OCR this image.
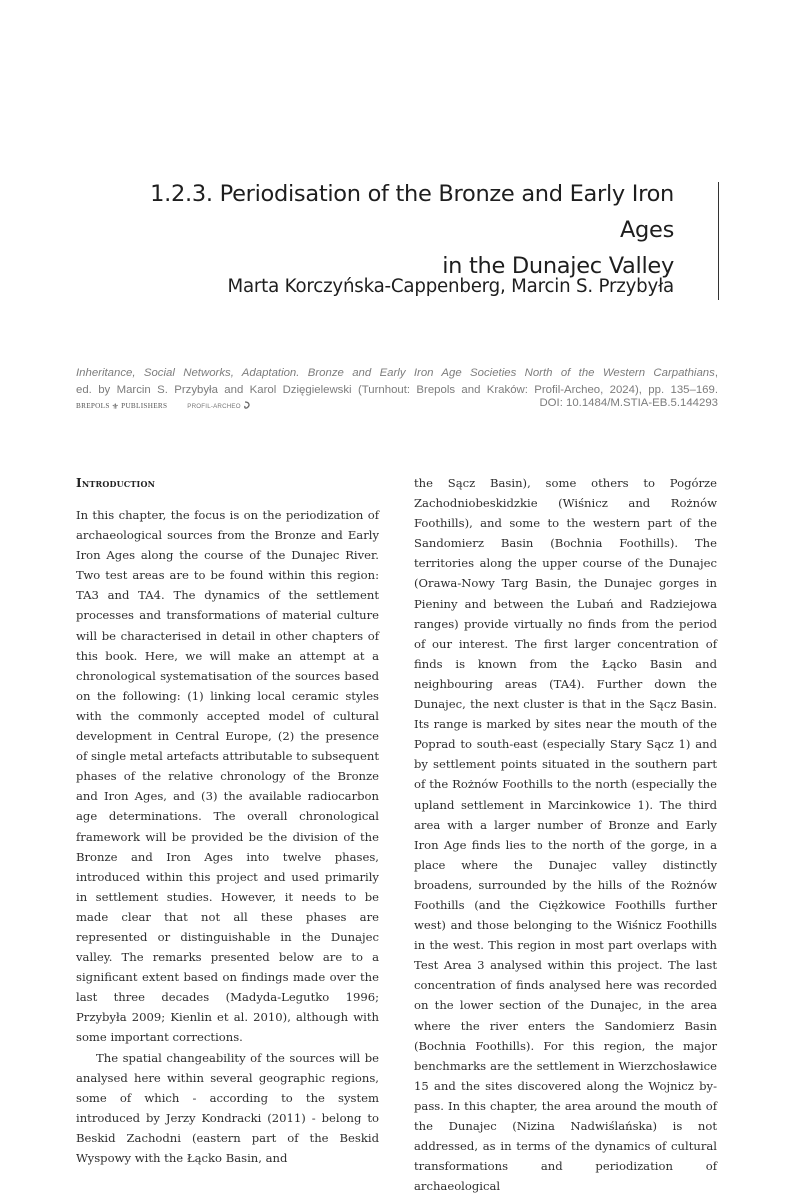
1.2.3. Periodisation of the Bronze and Early Iron Ages
in the Dunajec Valley
Marta Korczyńska-Cappenberg, Marcin S. Przybyła
Inheritance, Social Networks, Adaptation. Bronze and Early Iron Age Societies North of the Western Carpathians,
ed. by Marcin S. Przybyła and Karol Dzięgielewski (Turnhout: Brepols and Kraków: Profil-Archeo, 2024), pp. 135–169.
BREPOLS ⚜ PUBLISHERS	PROFIL-ARCHEO	DOI: 10.1484/M.STIA-EB.5.144293
Introduction

In this chapter, the focus is on the periodization of archaeological sources from the Bronze and Early Iron Ages along the course of the Dunajec River. Two test areas are to be found within this region: TA3 and TA4. The dynamics of the settlement processes and transformations of material culture will be characterised in detail in other chapters of this book. Here, we will make an attempt at a chronological systematisation of the sources based on the following: (1) linking local ceramic styles with the commonly accepted model of cultural development in Central Europe, (2) the presence of single metal artefacts attributable to subsequent phases of the relative chronology of the Bronze and Iron Ages, and (3) the available radiocarbon age determinations. The overall chronological framework will be provided be the division of the Bronze and Iron Ages into twelve phases, introduced within this project and used primarily in settlement studies. However, it needs to be made clear that not all these phases are represented or distinguishable in the Dunajec valley. The remarks presented below are to a significant extent based on findings made over the last three decades (Madyda-Legutko 1996; Przybyła 2009; Kienlin et al. 2010), although with some important corrections.

The spatial changeability of the sources will be analysed here within several geographic regions, some of which - according to the system introduced by Jerzy Kondracki (2011) - belong to Beskid Zachodni (eastern part of the Beskid Wyspowy with the Łącko Basin, and

the Sącz Basin), some others to Pogórze Zachodniobeskidzkie (Wiśnicz and Rożnów Foothills), and some to the western part of the Sandomierz Basin (Bochnia Foothills). The territories along the upper course of the Dunajec (Orawa-Nowy Targ Basin, the Dunajec gorges in Pieniny and between the Lubań and Radziejowa ranges) provide virtually no finds from the period of our interest. The first larger concentration of finds is known from the Łącko Basin and neighbouring areas (TA4). Further down the Dunajec, the next cluster is that in the Sącz Basin. Its range is marked by sites near the mouth of the Poprad to south-east (especially Stary Sącz 1) and by settlement points situated in the southern part of the Rożnów Foothills to the north (especially the upland settlement in Marcinkowice 1). The third area with a larger number of Bronze and Early Iron Age finds lies to the north of the gorge, in a place where the Dunajec valley distinctly broadens, surrounded by the hills of the Rożnów Foothills (and the Ciężkowice Foothills further west) and those belonging to the Wiśnicz Foothills in the west. This region in most part overlaps with Test Area 3 analysed within this project. The last concentration of finds analysed here was recorded on the lower section of the Dunajec, in the area where the river enters the Sandomierz Basin (Bochnia Foothills). For this region, the major benchmarks are the settlement in Wierzchosławice 15 and the sites discovered along the Wojnicz by-pass. In this chapter, the area around the mouth of the Dunajec (Nizina Nadwiślańska) is not addressed, as in terms of the dynamics of cultural transformations and periodization of archaeological
